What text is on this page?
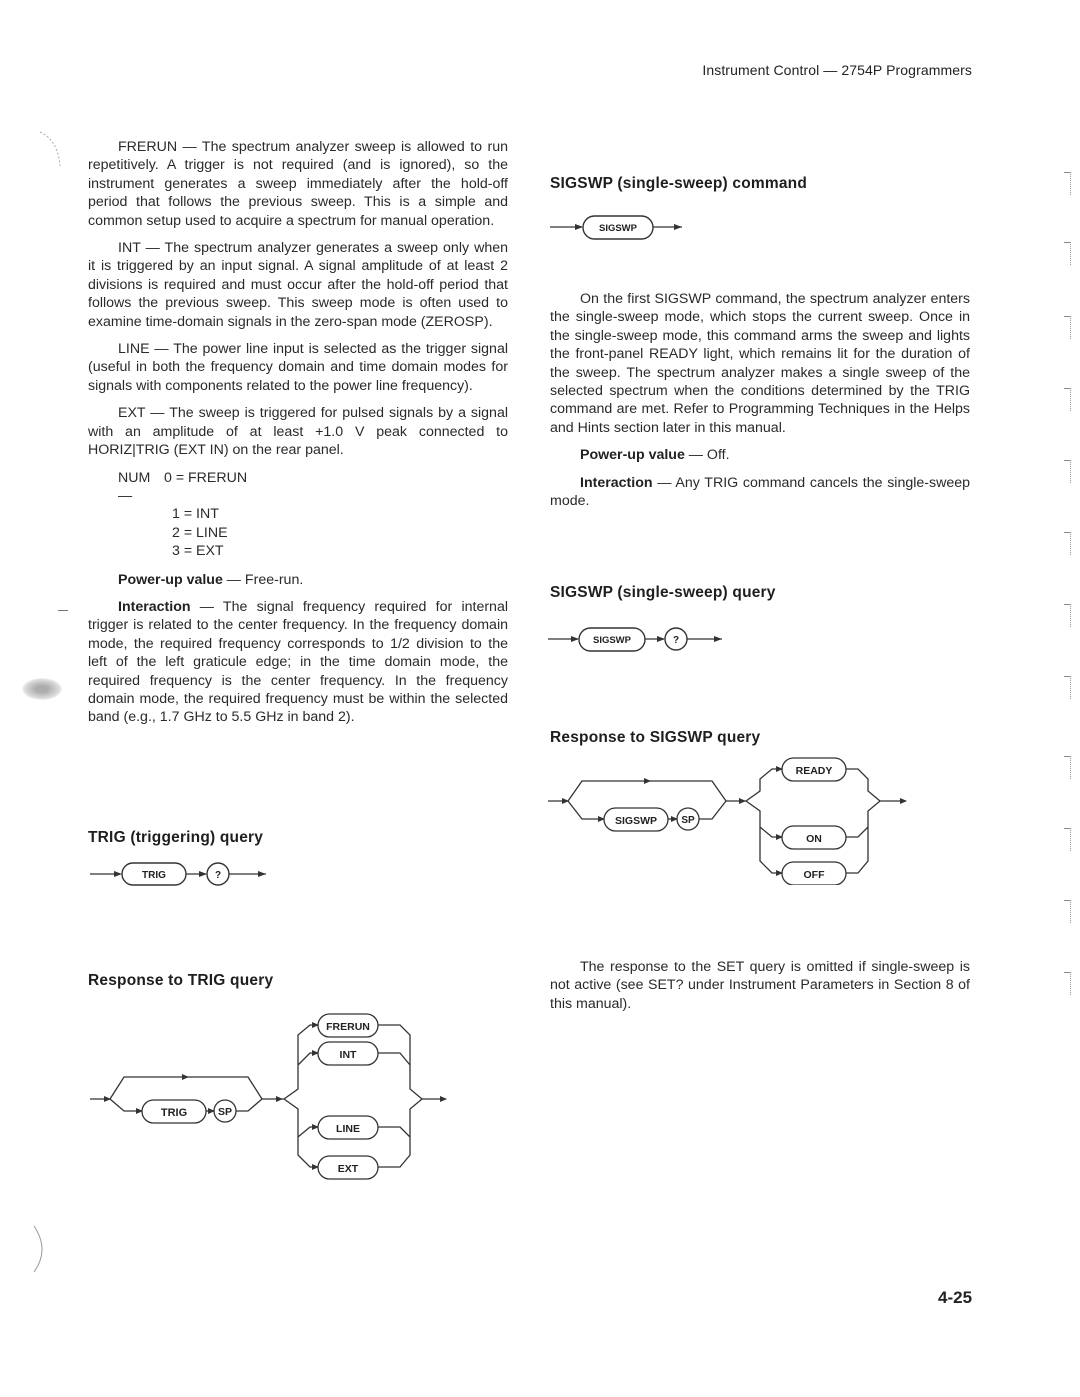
Instrument Control — 2754P Programmers

FRERUN — The spectrum analyzer sweep is allowed to run repetitively. A trigger is not required (and is ignored), so the instrument generates a sweep immediately after the hold-off period that follows the previous sweep. This is a simple and common setup used to acquire a spectrum for manual operation.

INT — The spectrum analyzer generates a sweep only when it is triggered by an input signal. A signal amplitude of at least 2 divisions is required and must occur after the hold-off period that follows the previous sweep. This sweep mode is often used to examine time-domain signals in the zero-span mode (ZEROSP).

LINE — The power line input is selected as the trigger signal (useful in both the frequency domain and time domain modes for signals with components related to the power line frequency).

EXT — The sweep is triggered for pulsed signals by a signal with an amplitude of at least +1.0 V peak connected to HORIZ|TRIG (EXT IN) on the rear panel.

NUM—
0 = FRERUN
1 = INT
2 = LINE
3 = EXT

Power-up value — Free-run.

Interaction — The signal frequency required for internal trigger is related to the center frequency. In the frequency domain mode, the required frequency corresponds to 1/2 division to the left of the left graticule edge; in the time domain mode, the required frequency is the center frequency. In the frequency domain mode, the required frequency must be within the selected band (e.g., 1.7 GHz to 5.5 GHz in band 2).

TRIG (triggering) query
Response to TRIG query
TRIG	?
TRIG	SP
FRERUN
INT
LINE
EXT
SIGSWP (single-sweep) command
SIGSWP

On the first SIGSWP command, the spectrum analyzer enters the single-sweep mode, which stops the current sweep. Once in the single-sweep mode, this command arms the sweep and lights the front-panel READY light, which remains lit for the duration of the sweep. The spectrum analyzer makes a single sweep of the selected spectrum when the conditions determined by the TRIG command are met. Refer to Programming Techniques in the Helps and Hints section later in this manual.

Power-up value — Off.

Interaction — Any TRIG command cancels the single-sweep mode.

SIGSWP (single-sweep) query
SIGSWP	?
Response to SIGSWP query
SIGSWP SP
READY
ON
OFF

The response to the SET query is omitted if single-sweep is not active (see SET? under Instrument Parameters in Section 8 of this manual).

4-25
